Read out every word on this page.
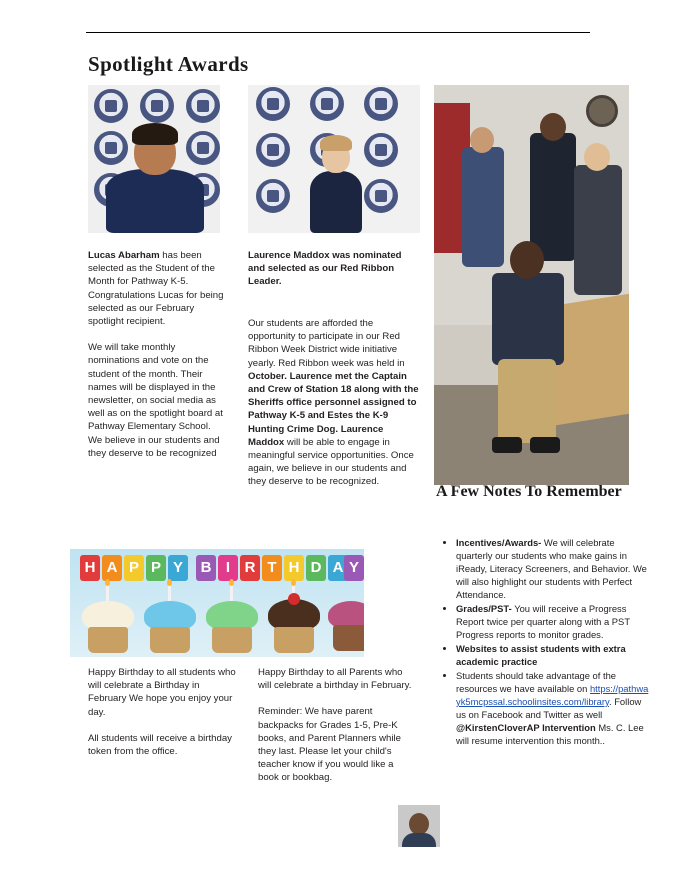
Spotlight Awards

Lucas Abarham has been selected as the Student of the Month for Pathway K-5. Congratulations Lucas for being selected as our February spotlight recipient.

We will take monthly nominations and vote on the student of the month. Their names will be displayed in the newsletter, on social media as well as on the spotlight board at Pathway Elementary School. We believe in our students and they deserve to be recognized

Laurence Maddox was nominated and selected as our Red Ribbon Leader.
Our students are afforded the opportunity to participate in our Red Ribbon Week District wide initiative yearly. Red Ribbon week was held in October. Laurence met the Captain and Crew of Station 18 along with the Sheriffs office personnel assigned to Pathway K-5 and Estes the K-9 Hunting Crime Dog. Laurence Maddox will be able to engage in meaningful service opportunities. Once again, we believe in our students and they deserve to be recognized.
A Few Notes To Remember
• Incentives/Awards- We will celebrate quarterly our students who make gains in iReady, Literacy Screeners, and Behavior. We will also highlight our students with Perfect Attendance.
• Grades/PST- You will receive a Progress Report twice per quarter along with a PST Progress reports to monitor grades.
• Websites to assist students with extra academic practice
• Students should take advantage of the resources we have available on https://pathwayk5mcpssal.schoolinsites.com/library. Follow us on Facebook and Twitter as well @KirstenCloverAP Intervention Ms. C. Lee will resume intervention this month..
H A P P Y	B I R T H D A Y

Happy Birthday to all students who will celebrate a Birthday in February We hope you enjoy your day.

All students will receive a birthday token from the office.

Happy Birthday to all Parents who will celebrate a birthday in February.

Reminder: We have parent backpacks for Grades 1-5, Pre-K books, and Parent Planners while they last. Please let your child's teacher know if you would like a book or bookbag.
